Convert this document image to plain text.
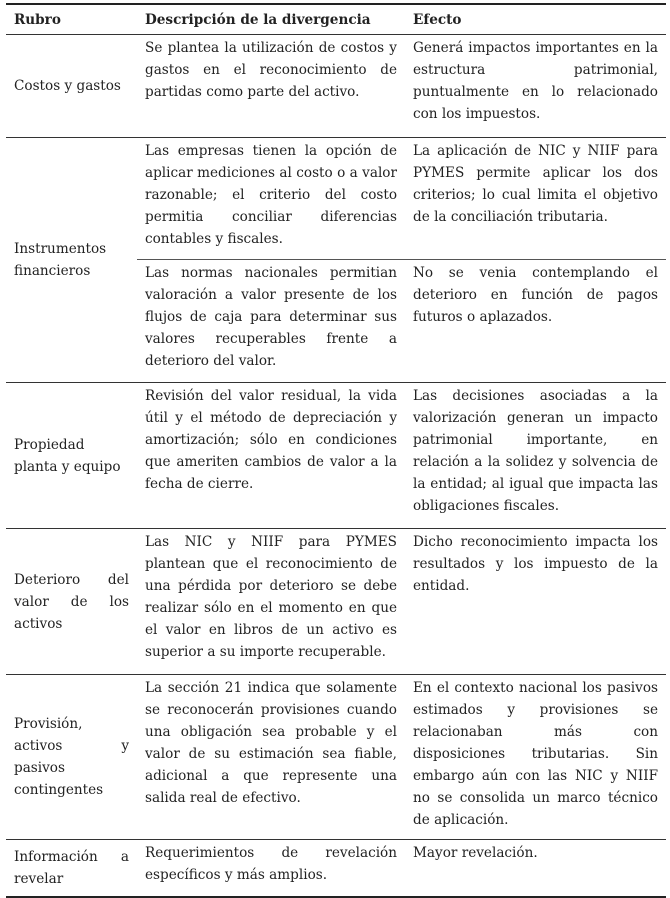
Rubro	Descripción de la divergencia	Efecto
Costos y gastos	Se plantea la utilización de costos y gastos en el reconocimiento de partidas como parte del activo.	Generá impactos importantes en la estructura patrimonial, puntualmente en lo relacionado con los impuestos.
Instrumentos financieros	Las empresas tienen la opción de aplicar mediciones al costo o a valor razonable; el criterio del costo permitia conciliar diferencias contables y fiscales.	La aplicación de NIC y NIIF para PYMES permite aplicar los dos criterios; lo cual limita el objetivo de la conciliación tributaria.
	Las normas nacionales permitian valoración a valor presente de los flujos de caja para determinar sus valores recuperables frente a deterioro del valor.	No se venia contemplando el deterioro en función de pagos futuros o aplazados.
Propiedad planta y equipo	Revisión del valor residual, la vida útil y el método de depreciación y amortización; sólo en condiciones que ameriten cambios de valor a la fecha de cierre.	Las decisiones asociadas a la valorización generan un impacto patrimonial importante, en relación a la solidez y solvencia de la entidad; al igual que impacta las obligaciones fiscales.
Deterioro del valor de los activos	Las NIC y NIIF para PYMES plantean que el reconocimiento de una pérdida por deterioro se debe realizar sólo en el momento en que el valor en libros de un activo es superior a su importe recuperable.	Dicho reconocimiento impacta los resultados y los impuesto de la entidad.
Provisión, activos y pasivos contingentes	La sección 21 indica que solamente se reconocerán provisiones cuando una obligación sea probable y el valor de su estimación sea fiable, adicional a que represente una salida real de efectivo.	En el contexto nacional los pasivos estimados y provisiones se relacionaban más con disposiciones tributarias. Sin embargo aún con las NIC y NIIF no se consolida un marco técnico de aplicación.
Información a revelar	Requerimientos de revelación específicos y más amplios.	Mayor revelación.
